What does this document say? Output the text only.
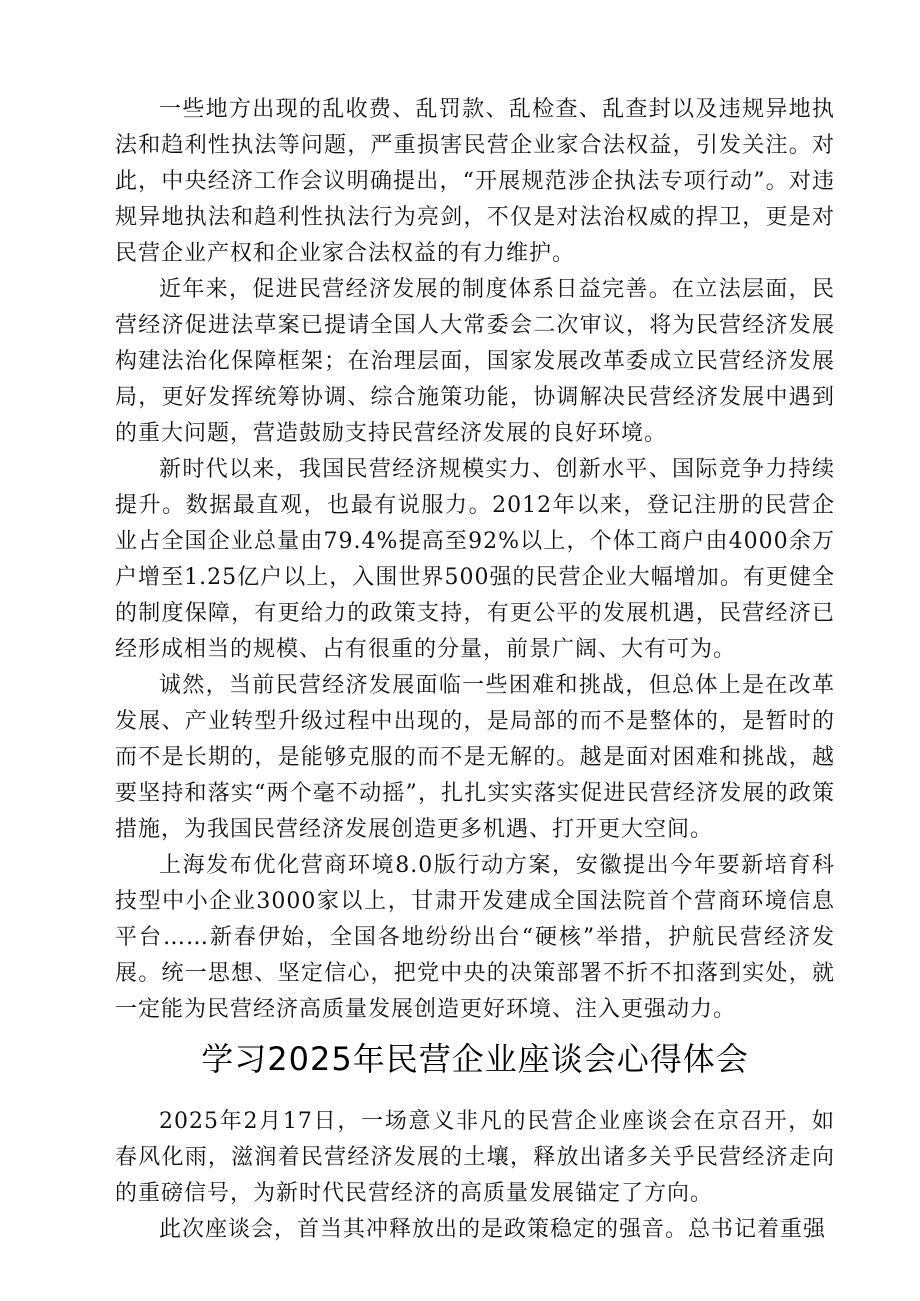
一些地方出现的乱收费、乱罚款、乱检查、乱查封以及违规异地执法和趋利性执法等问题，严重损害民营企业家合法权益，引发关注。对此，中央经济工作会议明确提出，“开展规范涉企执法专项行动”。对违规异地执法和趋利性执法行为亮剑，不仅是对法治权威的捍卫，更是对民营企业产权和企业家合法权益的有力维护。

近年来，促进民营经济发展的制度体系日益完善。在立法层面，民营经济促进法草案已提请全国人大常委会二次审议，将为民营经济发展构建法治化保障框架；在治理层面，国家发展改革委成立民营经济发展局，更好发挥统筹协调、综合施策功能，协调解决民营经济发展中遇到的重大问题，营造鼓励支持民营经济发展的良好环境。

新时代以来，我国民营经济规模实力、创新水平、国际竞争力持续提升。数据最直观，也最有说服力。2012年以来，登记注册的民营企业占全国企业总量由79.4%提高至92%以上，个体工商户由4000余万户增至1.25亿户以上，入围世界500强的民营企业大幅增加。有更健全的制度保障，有更给力的政策支持，有更公平的发展机遇，民营经济已经形成相当的规模、占有很重的分量，前景广阔、大有可为。

诚然，当前民营经济发展面临一些困难和挑战，但总体上是在改革发展、产业转型升级过程中出现的，是局部的而不是整体的，是暂时的而不是长期的，是能够克服的而不是无解的。越是面对困难和挑战，越要坚持和落实“两个毫不动摇”，扎扎实实落实促进民营经济发展的政策措施，为我国民营经济发展创造更多机遇、打开更大空间。

上海发布优化营商环境8.0版行动方案，安徽提出今年要新培育科技型中小企业3000家以上，甘肃开发建成全国法院首个营商环境信息平台……新春伊始，全国各地纷纷出台“硬核”举措，护航民营经济发展。统一思想、坚定信心，把党中央的决策部署不折不扣落到实处，就一定能为民营经济高质量发展创造更好环境、注入更强动力。

学习2025年民营企业座谈会心得体会

2025年2月17日，一场意义非凡的民营企业座谈会在京召开，如春风化雨，滋润着民营经济发展的土壤，释放出诸多关乎民营经济走向的重磅信号，为新时代民营经济的高质量发展锚定了方向。

此次座谈会，首当其冲释放出的是政策稳定的强音。总书记着重强
